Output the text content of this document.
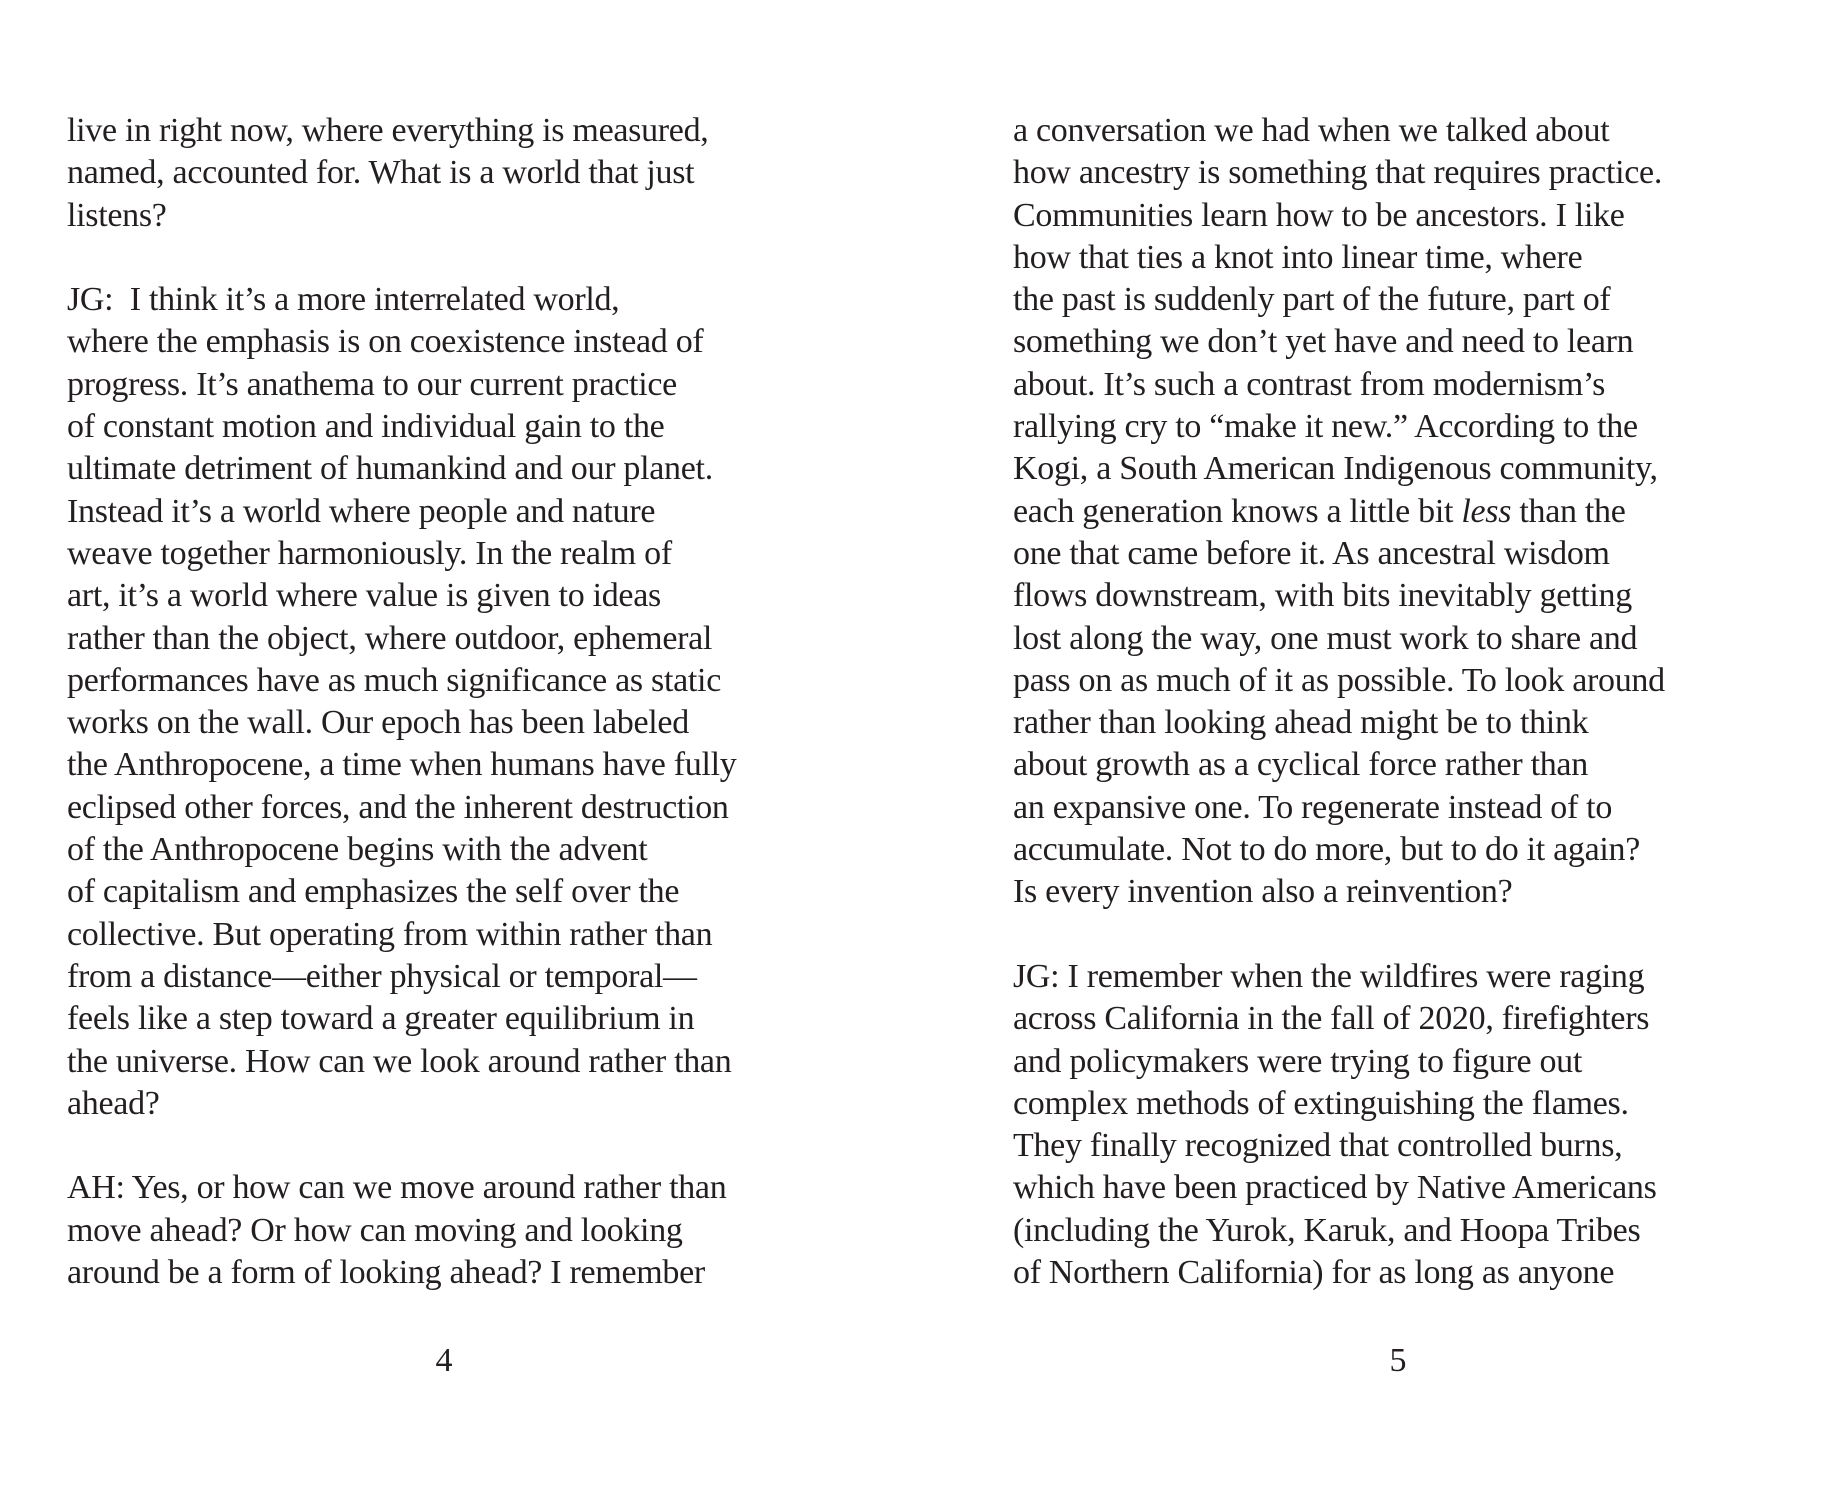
live in right now, where everything is measured,
named, accounted for. What is a world that just
listens?
JG:  I think it’s a more interrelated world,
where the emphasis is on coexistence instead of
progress. It’s anathema to our current practice
of constant motion and individual gain to the
ultimate detriment of humankind and our planet.
Instead it’s a world where people and nature
weave together harmoniously. In the realm of
art, it’s a world where value is given to ideas
rather than the object, where outdoor, ephemeral
performances have as much significance as static
works on the wall. Our epoch has been labeled
the Anthropocene, a time when humans have fully
eclipsed other forces, and the inherent destruction
of the Anthropocene begins with the advent
of capitalism and emphasizes the self over the
collective. But operating from within rather than
from a distance—either physical or temporal—
feels like a step toward a greater equilibrium in
the universe. How can we look around rather than
ahead?
AH: Yes, or how can we move around rather than
move ahead? Or how can moving and looking
around be a form of looking ahead? I remember
4
a conversation we had when we talked about
how ancestry is something that requires practice.
Communities learn how to be ancestors. I like
how that ties a knot into linear time, where
the past is suddenly part of the future, part of
something we don’t yet have and need to learn
about. It’s such a contrast from modernism’s
rallying cry to “make it new.” According to the
Kogi, a South American Indigenous community,
each generation knows a little bit less than the
one that came before it. As ancestral wisdom
flows downstream, with bits inevitably getting
lost along the way, one must work to share and
pass on as much of it as possible. To look around
rather than looking ahead might be to think
about growth as a cyclical force rather than
an expansive one. To regenerate instead of to
accumulate. Not to do more, but to do it again?
Is every invention also a reinvention?
JG: I remember when the wildfires were raging
across California in the fall of 2020, firefighters
and policymakers were trying to figure out
complex methods of extinguishing the flames.
They finally recognized that controlled burns,
which have been practiced by Native Americans
(including the Yurok, Karuk, and Hoopa Tribes
of Northern California) for as long as anyone
5
